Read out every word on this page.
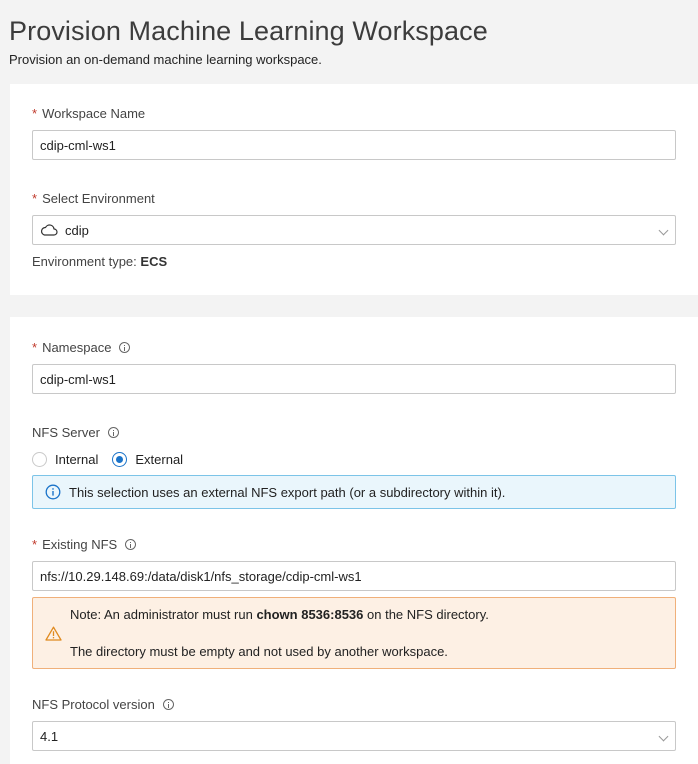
Provision Machine Learning Workspace
Provision an on-demand machine learning workspace.
* Workspace Name
cdip-cml-ws1
* Select Environment
cdip
Environment type: ECS
* Namespace
cdip-cml-ws1
NFS Server
Internal	External
This selection uses an external NFS export path (or a subdirectory within it).
* Existing NFS
nfs://10.29.148.69:/data/disk1/nfs_storage/cdip-cml-ws1
Note: An administrator must run chown 8536:8536 on the NFS directory.
The directory must be empty and not used by another workspace.
NFS Protocol version
4.1
